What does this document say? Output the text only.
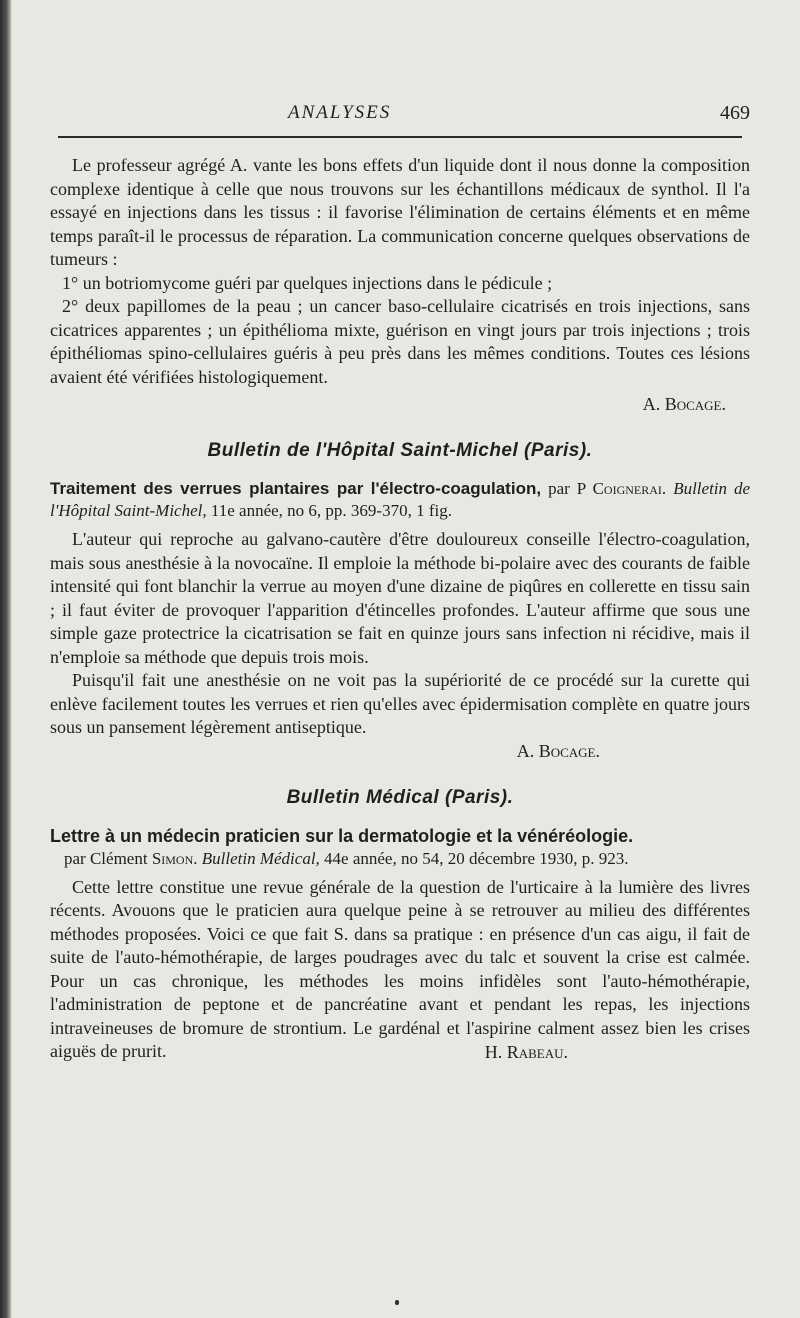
ANALYSES	469

Le professeur agrégé A. vante les bons effets d'un liquide dont il nous donne la composition complexe identique à celle que nous trouvons sur les échantillons médicaux de synthol. Il l'a essayé en injections dans les tissus : il favorise l'élimination de certains éléments et en même temps paraît-il le processus de réparation. La communication concerne quelques observations de tumeurs :

1° un botriomycome guéri par quelques injections dans le pédicule ;

2° deux papillomes de la peau ; un cancer baso-cellulaire cicatrisés en trois injections, sans cicatrices apparentes ; un épithélioma mixte, guérison en vingt jours par trois injections ; trois épithéliomas spino-cellulaires guéris à peu près dans les mêmes conditions. Toutes ces lésions avaient été vérifiées histologiquement.

A. Bocage.
Bulletin de l'Hôpital Saint-Michel (Paris).

Traitement des verrues plantaires par l'électro-coagulation, par P Coignerai. Bulletin de l'Hôpital Saint-Michel, 11e année, no 6, pp. 369-370, 1 fig.

L'auteur qui reproche au galvano-cautère d'être douloureux conseille l'électro-coagulation, mais sous anesthésie à la novocaïne. Il emploie la méthode bi-polaire avec des courants de faible intensité qui font blanchir la verrue au moyen d'une dizaine de piqûres en collerette en tissu sain ; il faut éviter de provoquer l'apparition d'étincelles profondes. L'auteur affirme que sous une simple gaze protectrice la cicatrisation se fait en quinze jours sans infection ni récidive, mais il n'emploie sa méthode que depuis trois mois.

Puisqu'il fait une anesthésie on ne voit pas la supériorité de ce procédé sur la curette qui enlève facilement toutes les verrues et rien qu'elles avec épidermisation complète en quatre jours sous un pansement légèrement antiseptique.

A. Bocage.
Bulletin Médical (Paris).
Lettre à un médecin praticien sur la dermatologie et la vénéréologie.

par Clément Simon. Bulletin Médical, 44e année, no 54, 20 décembre 1930, p. 923.

Cette lettre constitue une revue générale de la question de l'urticaire à la lumière des livres récents. Avouons que le praticien aura quelque peine à se retrouver au milieu des différentes méthodes proposées. Voici ce que fait S. dans sa pratique : en présence d'un cas aigu, il fait de suite de l'auto-hémothérapie, de larges poudrages avec du talc et souvent la crise est calmée. Pour un cas chronique, les méthodes les moins infidèles sont l'auto-hémothérapie, l'administration de peptone et de pancréatine avant et pendant les repas, les injections intraveineuses de bromure de strontium. Le gardénal et l'aspirine calment assez bien les crises aiguës de prurit.	H. Rabeau.
